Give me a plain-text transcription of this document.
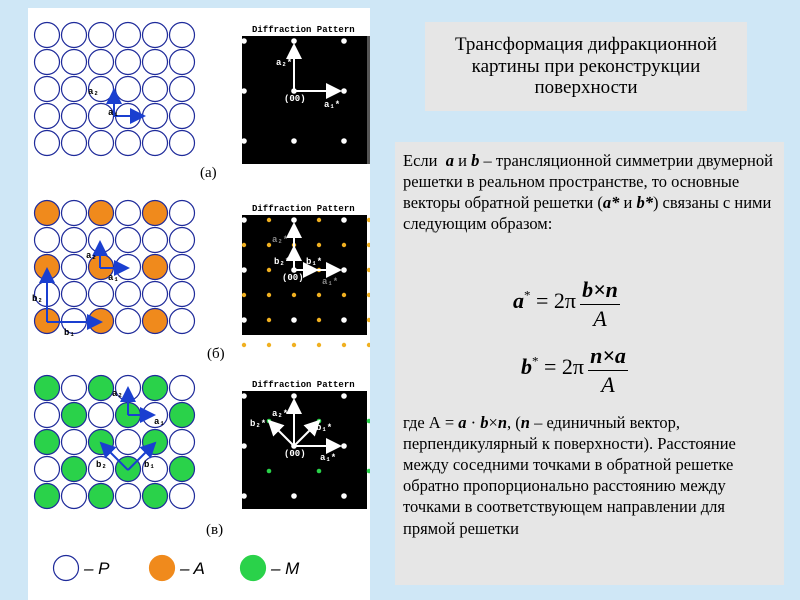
a₂
a₁
a₂
a₁
b₂
b₁
a₂
a₁
b₂	b₁
Diffraction Pattern
a₂*
a₁*
(00)
Diffraction Pattern
a₂*
a₁*
b₂* b₁*
(00)
Diffraction Pattern
a₂*
a₁*
b₂*	b₁*
(00)
– P	– A	– M
(a)
(б)
(в)
Трансформация дифракционной картины при реконструкции поверхности
Если  a и b – трансляционной симметрии двумерной решетки в реальном пространстве, то основные векторы обратной решетки (a* и b*) связаны с ними следующим образом:
$a^* = 2\pi \frac{b\times n}{A}$
$b^* = 2\pi \frac{n\times a}{A}$
где А = a · b×n, (n – единичный вектор, перпендикулярный к поверхности). Расстояние между соседними точками в обратной решетке обратно пропорционально расстоянию между точками в соответствующем направлении для прямой решетки
